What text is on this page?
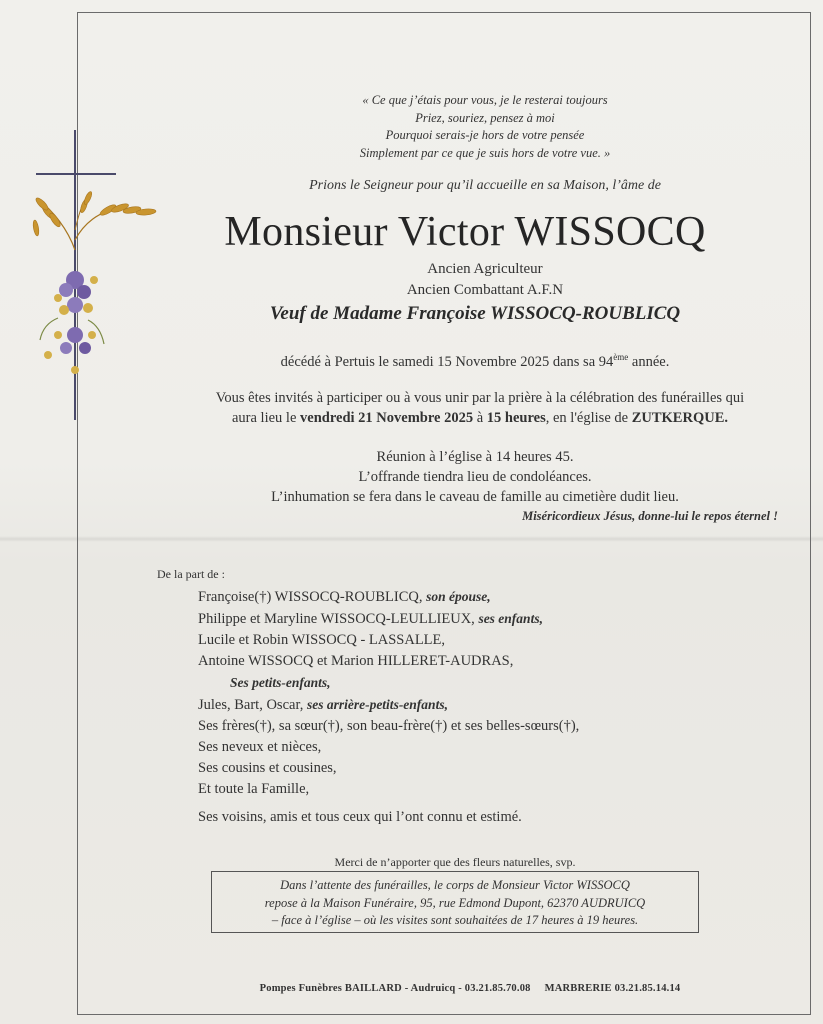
« Ce que j’étais pour vous, je le resterai toujours
Priez, souriez, pensez à moi
Pourquoi serais-je hors de votre pensée
Simplement par ce que je suis hors de votre vue. »
Prions le Seigneur pour qu’il accueille en sa Maison, l’âme de
Monsieur Victor WISSOCQ
Ancien Agriculteur
Ancien Combattant A.F.N
Veuf de Madame Françoise WISSOCQ-ROUBLICQ
décédé à Pertuis le samedi 15 Novembre 2025 dans sa 94ème année.
Vous êtes invités à participer ou à vous unir par la prière à la célébration des funérailles qui
aura lieu le vendredi 21 Novembre 2025 à 15 heures, en l'église de ZUTKERQUE.
Réunion à l’église à 14 heures 45.
L’offrande tiendra lieu de condoléances.
L’inhumation se fera dans le caveau de famille au cimetière dudit lieu.
Miséricordieux Jésus, donne-lui le repos éternel !
De la part de :
Françoise(†) WISSOCQ-ROUBLICQ, son épouse,
Philippe et Maryline WISSOCQ-LEULLIEUX, ses enfants,
Lucile et Robin WISSOCQ - LASSALLE,
Antoine WISSOCQ et Marion HILLERET-AUDRAS,
Ses petits-enfants,
Jules, Bart, Oscar, ses arrière-petits-enfants,
Ses frères(†), sa sœur(†), son beau-frère(†) et ses belles-sœurs(†),
Ses neveux et nièces,
Ses cousins et cousines,
Et toute la Famille,
Ses voisins, amis et tous ceux qui l’ont connu et estimé.
Merci de n’apporter que des fleurs naturelles, svp.
Dans l’attente des funérailles, le corps de Monsieur Victor WISSOCQ
repose à la Maison Funéraire, 95, rue Edmond Dupont, 62370 AUDRUICQ
– face à l’église – où les visites sont souhaitées de 17 heures à 19 heures.
Pompes Funèbres BAILLARD - Audruicq - 03.21.85.70.08 MARBRERIE 03.21.85.14.14
